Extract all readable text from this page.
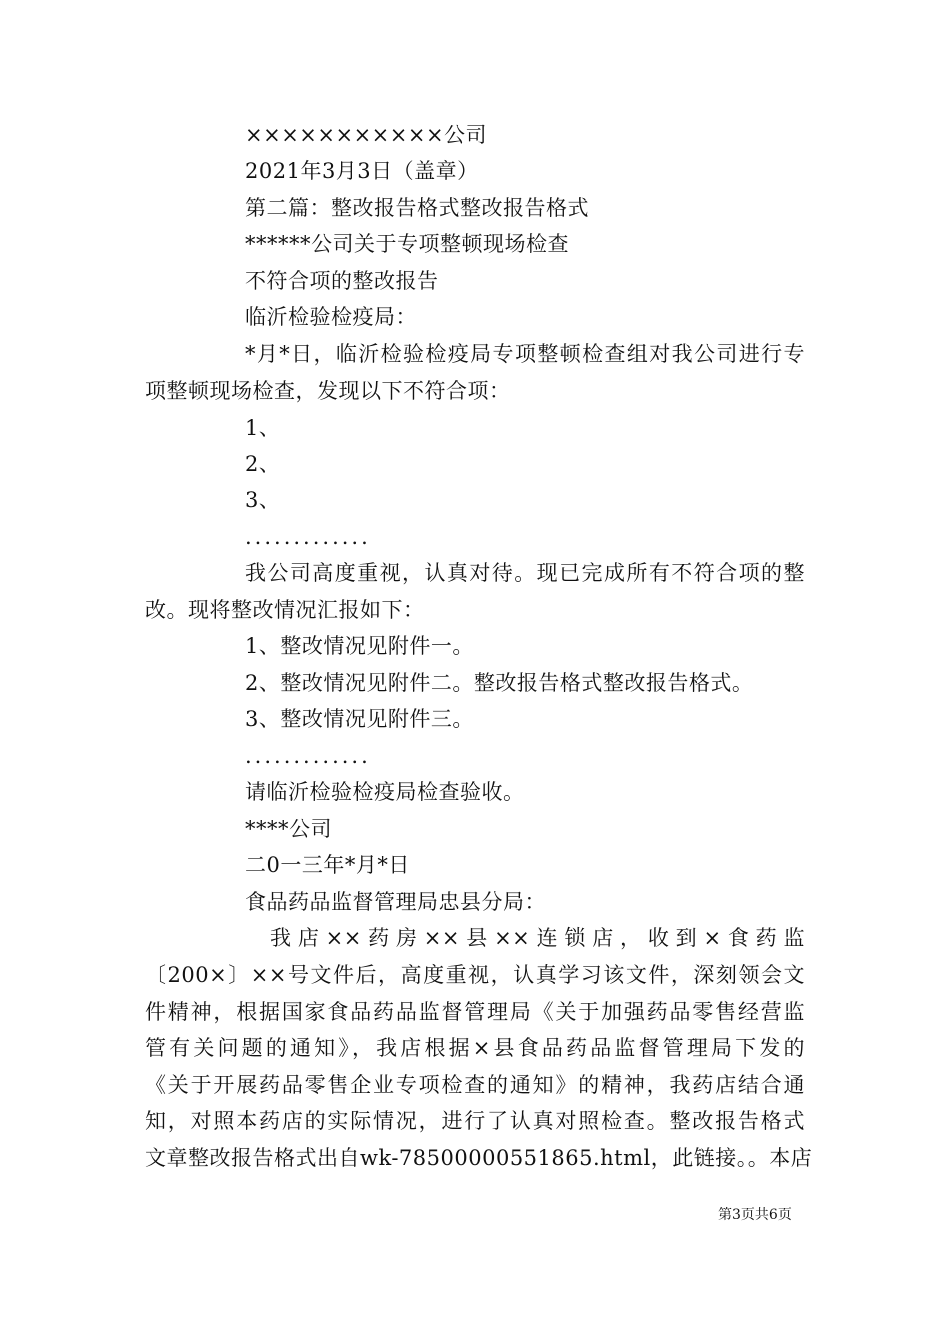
×××××××××××公司
2021年3月3日（盖章）
第二篇：整改报告格式整改报告格式
******公司关于专项整顿现场检查
不符合项的整改报告
临沂检验检疫局：
*月*日，临沂检验检疫局专项整顿检查组对我公司进行专
项整顿现场检查，发现以下不符合项：
1、
2、
3、
.............
我公司高度重视，认真对待。现已完成所有不符合项的整
改。现将整改情况汇报如下：
1、整改情况见附件一。
2、整改情况见附件二。整改报告格式整改报告格式。
3、整改情况见附件三。
.............
请临沂检验检疫局检查验收。
****公司
二0一三年*月*日
食品药品监督管理局忠县分局：
我店××药房××县××连锁店，收到×食药监
〔200×〕××号文件后，高度重视，认真学习该文件，深刻领会文
件精神，根据国家食品药品监督管理局《关于加强药品零售经营监
管有关问题的通知》，我店根据×县食品药品监督管理局下发的
《关于开展药品零售企业专项检查的通知》的精神，我药店结合通
知，对照本药店的实际情况，进行了认真对照检查。整改报告格式
文章整改报告格式出自wk-78500000551865.html，此链接。。本店
第3页共6页
